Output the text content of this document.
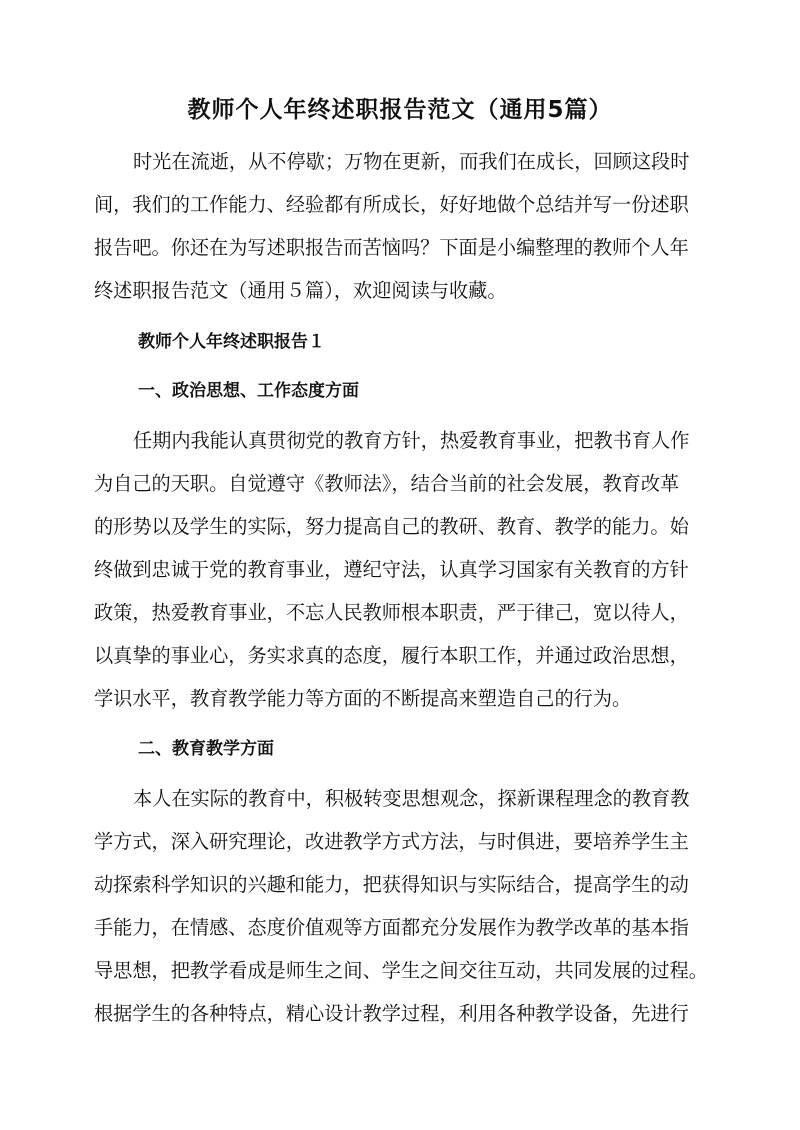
教师个人年终述职报告范文（通用5篇）

时光在流逝，从不停歇；万物在更新，而我们在成长，回顾这段时

间，我们的工作能力、经验都有所成长，好好地做个总结并写一份述职

报告吧。你还在为写述职报告而苦恼吗？下面是小编整理的教师个人年

终述职报告范文（通用５篇），欢迎阅读与收藏。

教师个人年终述职报告１

一、政治思想、工作态度方面

任期内我能认真贯彻党的教育方针，热爱教育事业，把教书育人作

为自己的天职。自觉遵守《教师法》，结合当前的社会发展，教育改革

的形势以及学生的实际，努力提高自己的教研、教育、教学的能力。始

终做到忠诚于党的教育事业，遵纪守法，认真学习国家有关教育的方针

政策，热爱教育事业，不忘人民教师根本职责，严于律己，宽以待人，

以真挚的事业心，务实求真的态度，履行本职工作，并通过政治思想，

学识水平，教育教学能力等方面的不断提高来塑造自己的行为。

二、教育教学方面

本人在实际的教育中，积极转变思想观念，探新课程理念的教育教

学方式，深入研究理论，改进教学方式方法，与时俱进，要培养学生主

动探索科学知识的兴趣和能力，把获得知识与实际结合，提高学生的动

手能力，在情感、态度价值观等方面都充分发展作为教学改革的基本指

导思想，把教学看成是师生之间、学生之间交往互动，共同发展的过程。

根据学生的各种特点，精心设计教学过程，利用各种教学设备，先进行
